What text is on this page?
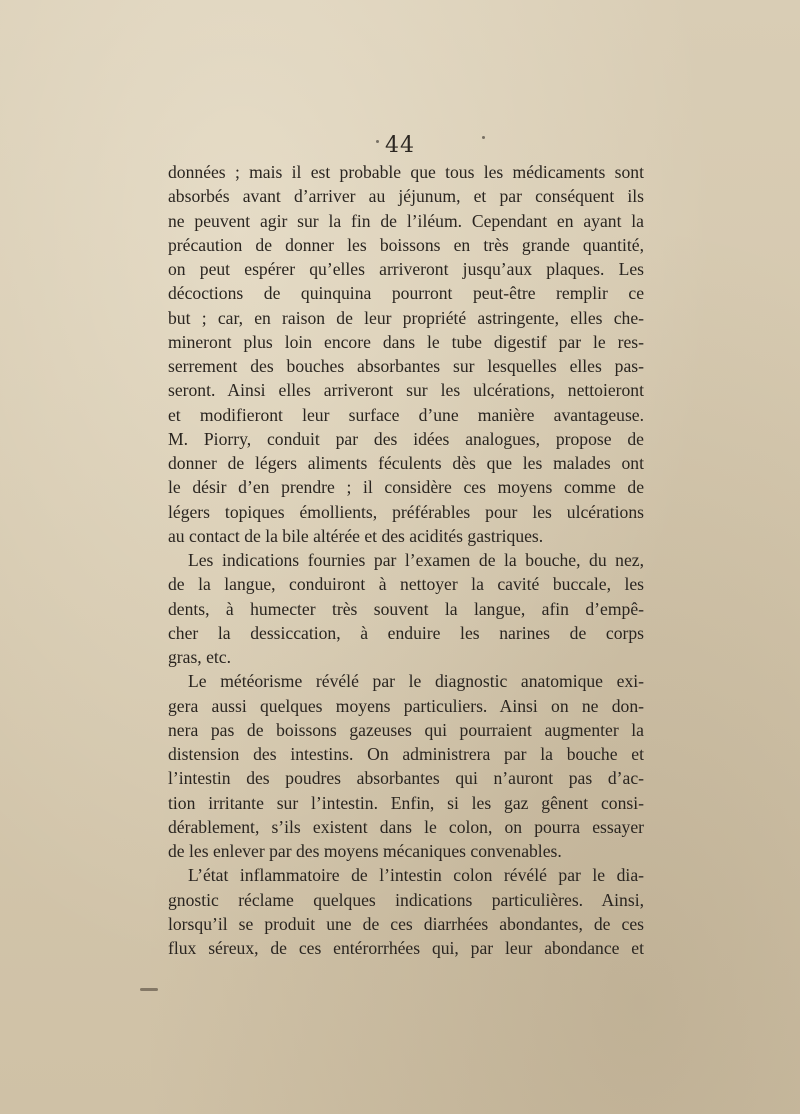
44
données ; mais il est probable que tous les médicaments sont
absorbés avant d’arriver au jéjunum, et par conséquent ils
ne peuvent agir sur la fin de l’iléum. Cependant en ayant la
précaution de donner les boissons en très grande quantité,
on peut espérer qu’elles arriveront jusqu’aux plaques. Les
décoctions de quinquina pourront peut-être remplir ce
but ; car, en raison de leur propriété astringente, elles che-
mineront plus loin encore dans le tube digestif par le res-
serrement des bouches absorbantes sur lesquelles elles pas-
seront. Ainsi elles arriveront sur les ulcérations, nettoieront
et modifieront leur surface d’une manière avantageuse.
M. Piorry, conduit par des idées analogues, propose de
donner de légers aliments féculents dès que les malades ont
le désir d’en prendre ; il considère ces moyens comme de
légers topiques émollients, préférables pour les ulcérations
au contact de la bile altérée et des acidités gastriques.
Les indications fournies par l’examen de la bouche, du nez,
de la langue, conduiront à nettoyer la cavité buccale, les
dents, à humecter très souvent la langue, afin d’empê-
cher la dessiccation, à enduire les narines de corps
gras, etc.
Le météorisme révélé par le diagnostic anatomique exi-
gera aussi quelques moyens particuliers. Ainsi on ne don-
nera pas de boissons gazeuses qui pourraient augmenter la
distension des intestins. On administrera par la bouche et
l’intestin des poudres absorbantes qui n’auront pas d’ac-
tion irritante sur l’intestin. Enfin, si les gaz gênent consi-
dérablement, s’ils existent dans le colon, on pourra essayer
de les enlever par des moyens mécaniques convenables.
L’état inflammatoire de l’intestin colon révélé par le dia-
gnostic réclame quelques indications particulières. Ainsi,
lorsqu’il se produit une de ces diarrhées abondantes, de ces
flux séreux, de ces entérorrhées qui, par leur abondance et
